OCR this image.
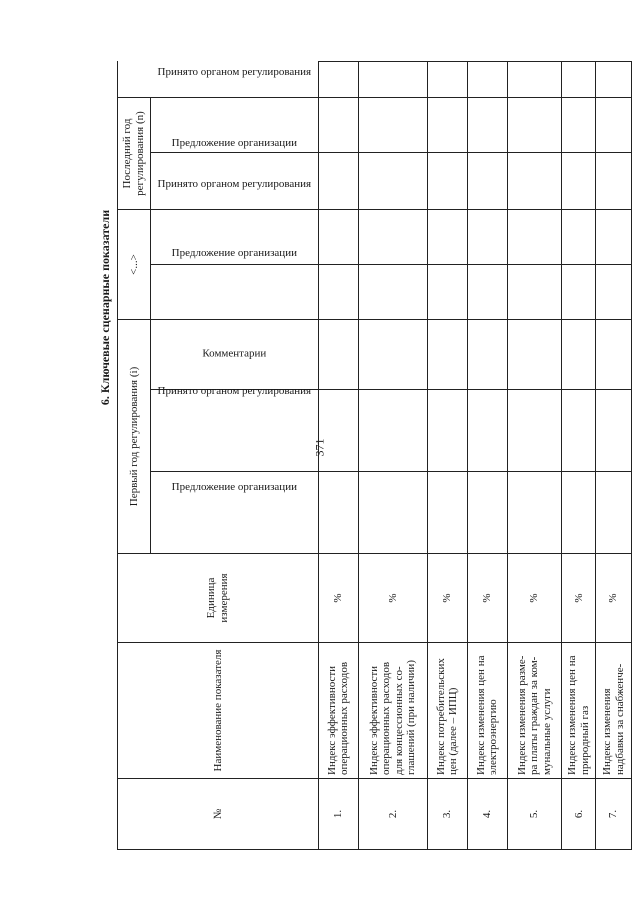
371
			6. Ключевые сценарные показатели							
№	Наименование показателя	Единица измерения	Первый год регулирования (i)			<...>		Последний год регулирования (n)		
			Предложение организации	Принято органом регулирования	Комментарии	Предложение организации	Принято органом регулирования	Предложение организации	Принято органом регулирования	
1.	Индекс эффективности операционных расходов	%								
2.	Индекс эффективности операционных расходов для концессионных со-глашений (при наличии)	%								
3.	Индекс потребительских цен (далее – ИПЦ)	%								
4.	Индекс изменения цен на электроэнергию	%								
5.	Индекс изменения разме-ра платы граждан за ком-мунальные услуги	%								
6.	Индекс изменения цен на природный газ	%								
7.	Индекс изменения надбавки за снабженче-	%								
